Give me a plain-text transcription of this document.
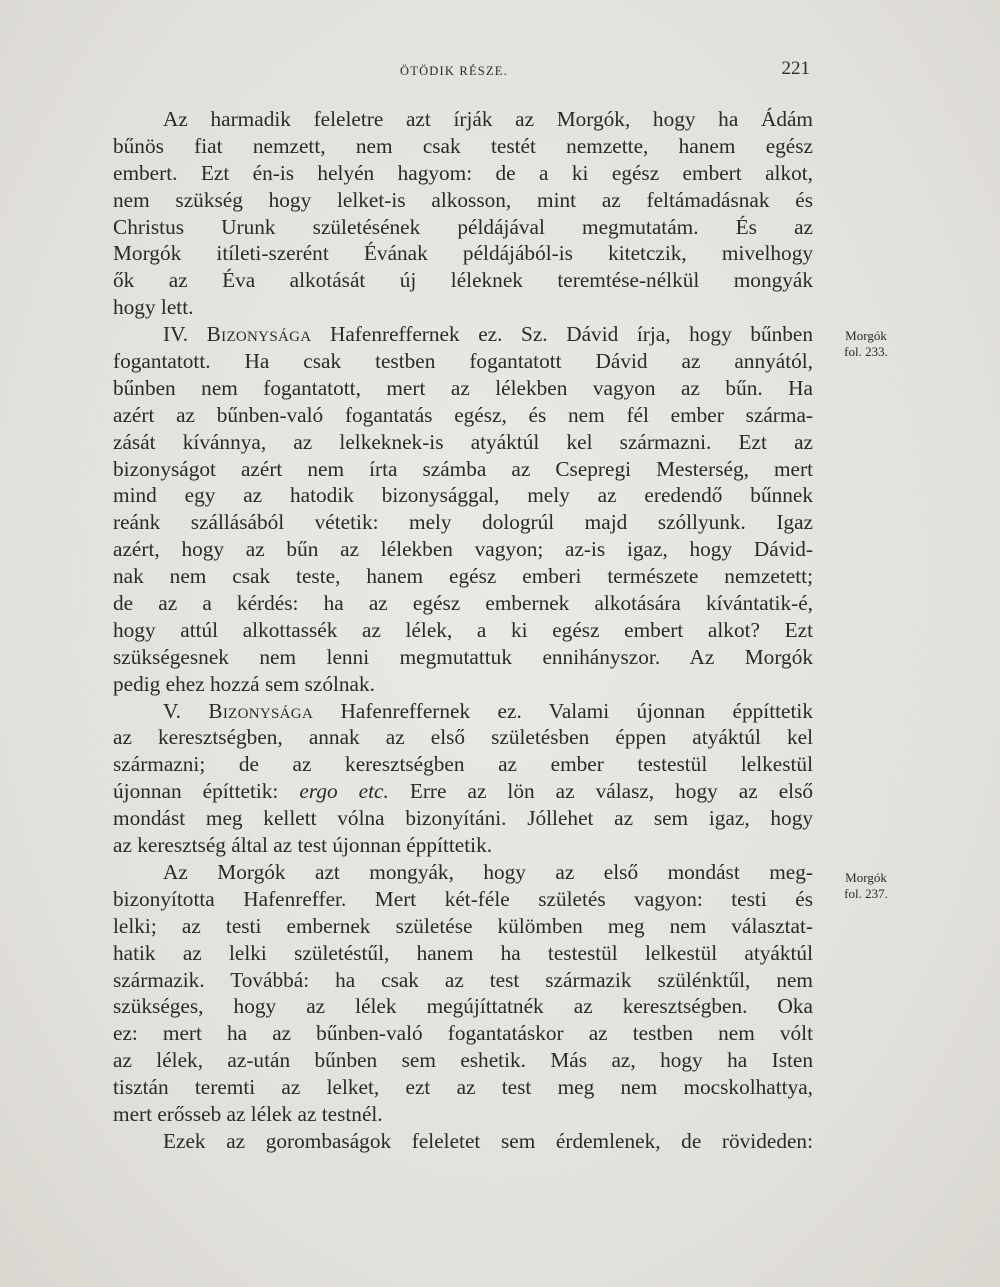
ÖTÖDIK RÉSZE.	221
Az harmadik feleletre azt írják az Morgók, hogy ha Ádám
bűnös fiat nemzett, nem csak testét nemzette, hanem egész
embert. Ezt én-is helyén hagyom: de a ki egész embert alkot,
nem szükség hogy lelket-is alkosson, mint az feltámadásnak és
Christus Urunk születésének példájával megmutatám. És az
Morgók itíleti-szerént Évának példájából-is kitetczik, mivelhogy
ők az Éva alkotását új léleknek teremtése-nélkül mongyák
hogy lett.
IV. Bizonysága Hafenreffernek ez. Sz. Dávid írja, hogy bűnben
fogantatott. Ha csak testben fogantatott Dávid az annyától,
bűnben nem fogantatott, mert az lélekben vagyon az bűn. Ha
azért az bűnben-való fogantatás egész, és nem fél ember szárma-
zását kívánnya, az lelkeknek-is atyáktúl kel származni. Ezt az
bizonyságot azért nem írta számba az Csepregi Mesterség, mert
mind egy az hatodik bizonysággal, mely az eredendő bűnnek
reánk szállásából vétetik: mely dologrúl majd szóllyunk. Igaz
azért, hogy az bűn az lélekben vagyon; az-is igaz, hogy Dávid-
nak nem csak teste, hanem egész emberi természete nemzetett;
de az a kérdés: ha az egész embernek alkotására kívántatik-é,
hogy attúl alkottassék az lélek, a ki egész embert alkot? Ezt
szükségesnek nem lenni megmutattuk ennihányszor. Az Morgók
pedig ehez hozzá sem szólnak.
V. Bizonysága Hafenreffernek ez. Valami újonnan éppíttetik
az keresztségben, annak az első születésben éppen atyáktúl kel
származni; de az keresztségben az ember testestül lelkestül
újonnan építtetik: ergo etc. Erre az lön az válasz, hogy az első
mondást meg kellett vólna bizonyítáni. Jóllehet az sem igaz, hogy
az keresztség által az test újonnan éppíttetik.
Az Morgók azt mongyák, hogy az első mondást meg-
bizonyította Hafenreffer. Mert két-féle születés vagyon: testi és
lelki; az testi embernek születése külömben meg nem választat-
hatik az lelki születéstűl, hanem ha testestül lelkestül atyáktúl
származik. Továbbá: ha csak az test származik szülénktűl, nem
szükséges, hogy az lélek megújíttatnék az keresztségben. Oka
ez: mert ha az bűnben-való fogantatáskor az testben nem vólt
az lélek, az-után bűnben sem eshetik. Más az, hogy ha Isten
tisztán teremti az lelket, ezt az test meg nem mocskolhattya,
mert erősseb az lélek az testnél.
Ezek az gorombaságok feleletet sem érdemlenek, de rövideden:
Morgók
fol. 233.
Morgók
fol. 237.
